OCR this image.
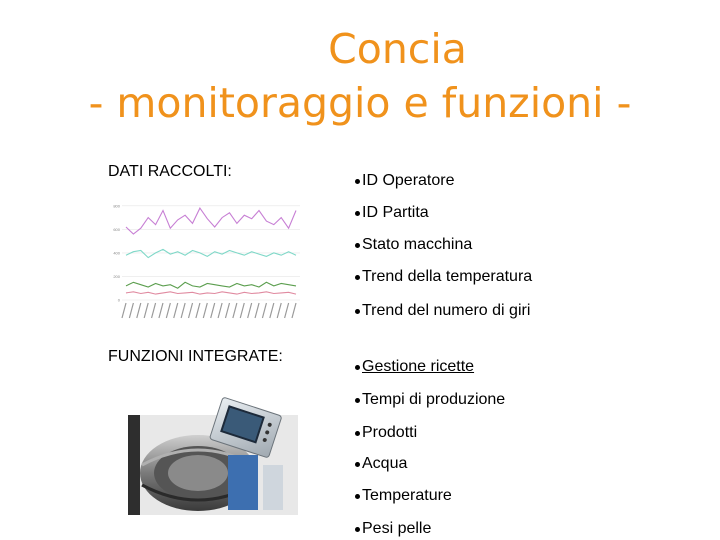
Concia
- monitoraggio e funzioni -
DATI RACCOLTI:
800
600
400
200
0
ID Operatore
ID Partita
Stato macchina
Trend della temperatura
Trend del numero di giri
FUNZIONI INTEGRATE:
Gestione ricette
Tempi di produzione
Prodotti
Acqua
Temperature
Pesi pelle
